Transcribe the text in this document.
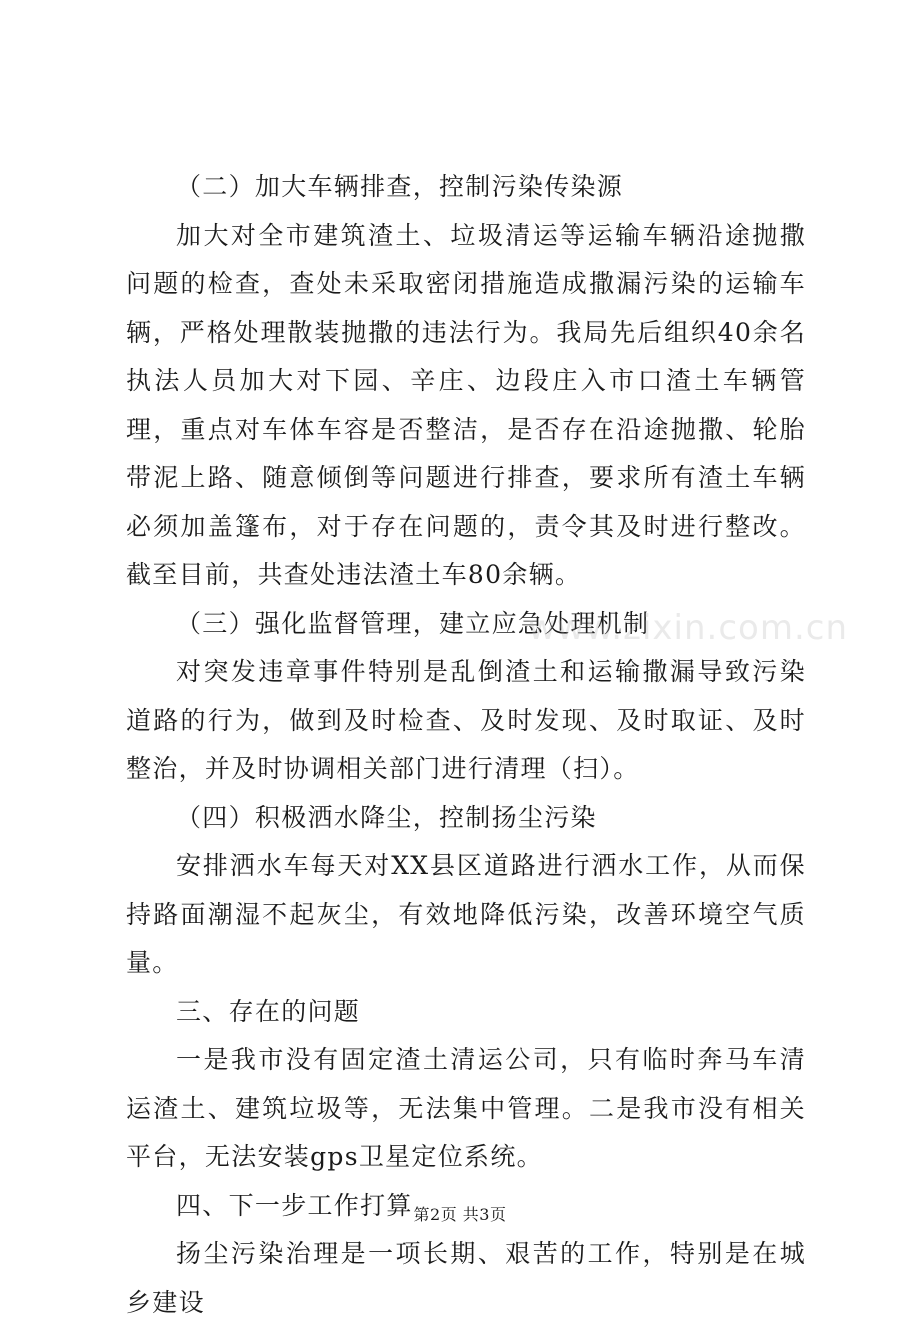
（二）加大车辆排查，控制污染传染源

加大对全市建筑渣土、垃圾清运等运输车辆沿途抛撒问题的检查，查处未采取密闭措施造成撒漏污染的运输车辆，严格处理散装抛撒的违法行为。我局先后组织40余名执法人员加大对下园、辛庄、边段庄入市口渣土车辆管理，重点对车体车容是否整洁，是否存在沿途抛撒、轮胎带泥上路、随意倾倒等问题进行排查，要求所有渣土车辆必须加盖篷布，对于存在问题的，责令其及时进行整改。截至目前，共查处违法渣土车80余辆。

（三）强化监督管理，建立应急处理机制

对突发违章事件特别是乱倒渣土和运输撒漏导致污染道路的行为，做到及时检查、及时发现、及时取证、及时整治，并及时协调相关部门进行清理（扫）。

（四）积极洒水降尘，控制扬尘污染

安排洒水车每天对XX县区道路进行洒水工作，从而保持路面潮湿不起灰尘，有效地降低污染，改善环境空气质量。

三、存在的问题

一是我市没有固定渣土清运公司，只有临时奔马车清运渣土、建筑垃圾等，无法集中管理。二是我市没有相关平台，无法安装gps卫星定位系统。

四、下一步工作打算

扬尘污染治理是一项长期、艰苦的工作，特别是在城乡建设

www.zixin.com.cn
第2页 共3页
